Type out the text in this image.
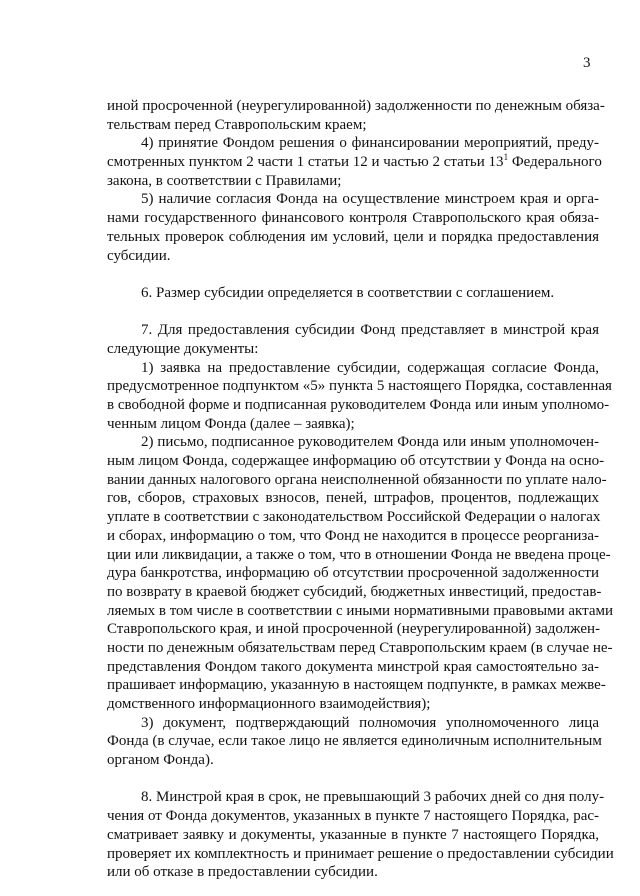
3
иной просроченной (неурегулированной) задолженности по денежным обяза-
тельствам перед Ставропольским краем;
4) принятие Фондом решения о финансировании мероприятий, преду-
смотренных пунктом 2 части 1 статьи 12 и частью 2 статьи $13^1$ Федерального
закона, в соответствии с Правилами;
5) наличие согласия Фонда на осуществление минстроем края и орга-
нами государственного финансового контроля Ставропольского края обяза-
тельных проверок соблюдения им условий, цели и порядка предоставления
субсидии.
6. Размер субсидии определяется в соответствии с соглашением.
7. Для предоставления субсидии Фонд представляет в минстрой края
следующие документы:
1) заявка на предоставление субсидии, содержащая согласие Фонда,
предусмотренное подпунктом «5» пункта 5 настоящего Порядка, составленная
в свободной форме и подписанная руководителем Фонда или иным уполномо-
ченным лицом Фонда (далее – заявка);
2) письмо, подписанное руководителем Фонда или иным уполномочен-
ным лицом Фонда, содержащее информацию об отсутствии у Фонда на осно-
вании данных налогового органа неисполненной обязанности по уплате нало-
гов, сборов, страховых взносов, пеней, штрафов, процентов, подлежащих
уплате в соответствии с законодательством Российской Федерации о налогах
и сборах, информацию о том, что Фонд не находится в процессе реорганиза-
ции или ликвидации, а также о том, что в отношении Фонда не введена проце-
дура банкротства, информацию об отсутствии просроченной задолженности
по возврату в краевой бюджет субсидий, бюджетных инвестиций, предостав-
ляемых в том числе в соответствии с иными нормативными правовыми актами
Ставропольского края, и иной просроченной (неурегулированной) задолжен-
ности по денежным обязательствам перед Ставропольским краем (в случае не-
представления Фондом такого документа минстрой края самостоятельно за-
прашивает информацию, указанную в настоящем подпункте, в рамках межве-
домственного информационного взаимодействия);
3) документ, подтверждающий полномочия уполномоченного лица
Фонда (в случае, если такое лицо не является единоличным исполнительным
органом Фонда).
8. Минстрой края в срок, не превышающий 3 рабочих дней со дня полу-
чения от Фонда документов, указанных в пункте 7 настоящего Порядка, рас-
сматривает заявку и документы, указанные в пункте 7 настоящего Порядка,
проверяет их комплектность и принимает решение о предоставлении субсидии
или об отказе в предоставлении субсидии.
